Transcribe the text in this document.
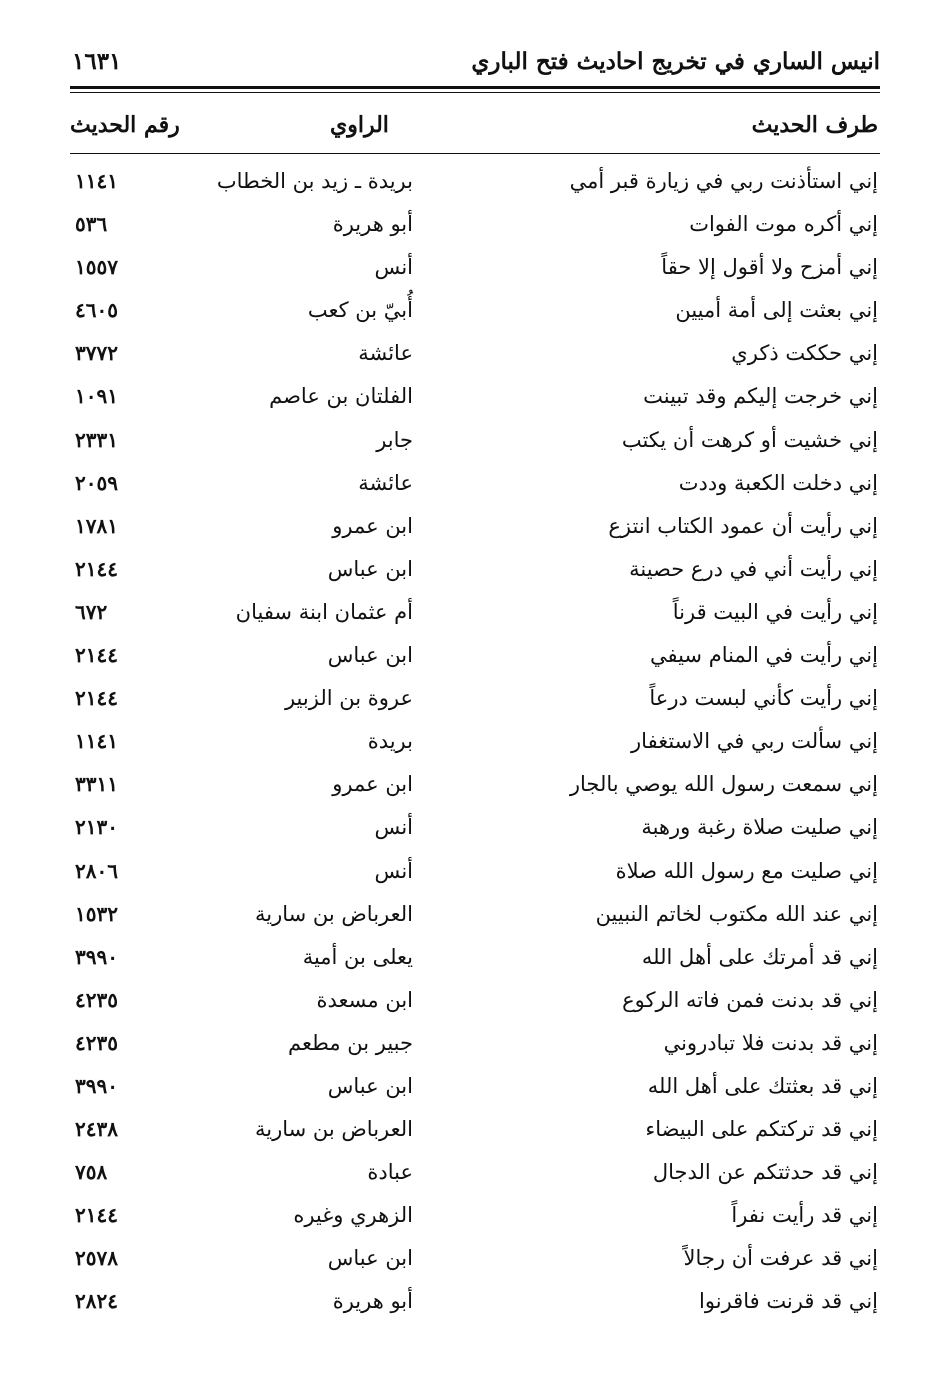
انيس الساري في تخريج احاديث فتح الباري
١٦٣١
طرف الحديث
الراوي
رقم الحديث
إني استأذنت ربي في زيارة قبر أمي
بريدة ـ زيد بن الخطاب
١١٤١
إني أكره موت الفوات
أبو هريرة
٥٣٦
إني أمزح ولا أقول إلا حقاً
أنس
١٥٥٧
إني بعثت إلى أمة أميين
أُبيّ بن كعب
٤٦٠٥
إني حككت ذكري
عائشة
٣٧٧٢
إني خرجت إليكم وقد تبينت
الفلتان بن عاصم
١٠٩١
إني خشيت أو كرهت أن يكتب
جابر
٢٣٣١
إني دخلت الكعبة وددت
عائشة
٢٠٥٩
إني رأيت أن عمود الكتاب انتزع
ابن عمرو
١٧٨١
إني رأيت أني في درع حصينة
ابن عباس
٢١٤٤
إني رأيت في البيت قرناً
أم عثمان ابنة سفيان
٦٧٢
إني رأيت في المنام سيفي
ابن عباس
٢١٤٤
إني رأيت كأني لبست درعاً
عروة بن الزبير
٢١٤٤
إني سألت ربي في الاستغفار
بريدة
١١٤١
إني سمعت رسول الله يوصي بالجار
ابن عمرو
٣٣١١
إني صليت صلاة رغبة ورهبة
أنس
٢١٣٠
إني صليت مع رسول الله صلاة
أنس
٢٨٠٦
إني عند الله مكتوب لخاتم النبيين
العرباض بن سارية
١٥٣٢
إني قد أمرتك على أهل الله
يعلى بن أمية
٣٩٩٠
إني قد بدنت فمن فاته الركوع
ابن مسعدة
٤٢٣٥
إني قد بدنت فلا تبادروني
جبير بن مطعم
٤٢٣٥
إني قد بعثتك على أهل الله
ابن عباس
٣٩٩٠
إني قد تركتكم على البيضاء
العرباض بن سارية
٢٤٣٨
إني قد حدثتكم عن الدجال
عبادة
٧٥٨
إني قد رأيت نفراً
الزهري وغيره
٢١٤٤
إني قد عرفت أن رجالاً
ابن عباس
٢٥٧٨
إني قد قرنت فاقرنوا
أبو هريرة
٢٨٢٤
